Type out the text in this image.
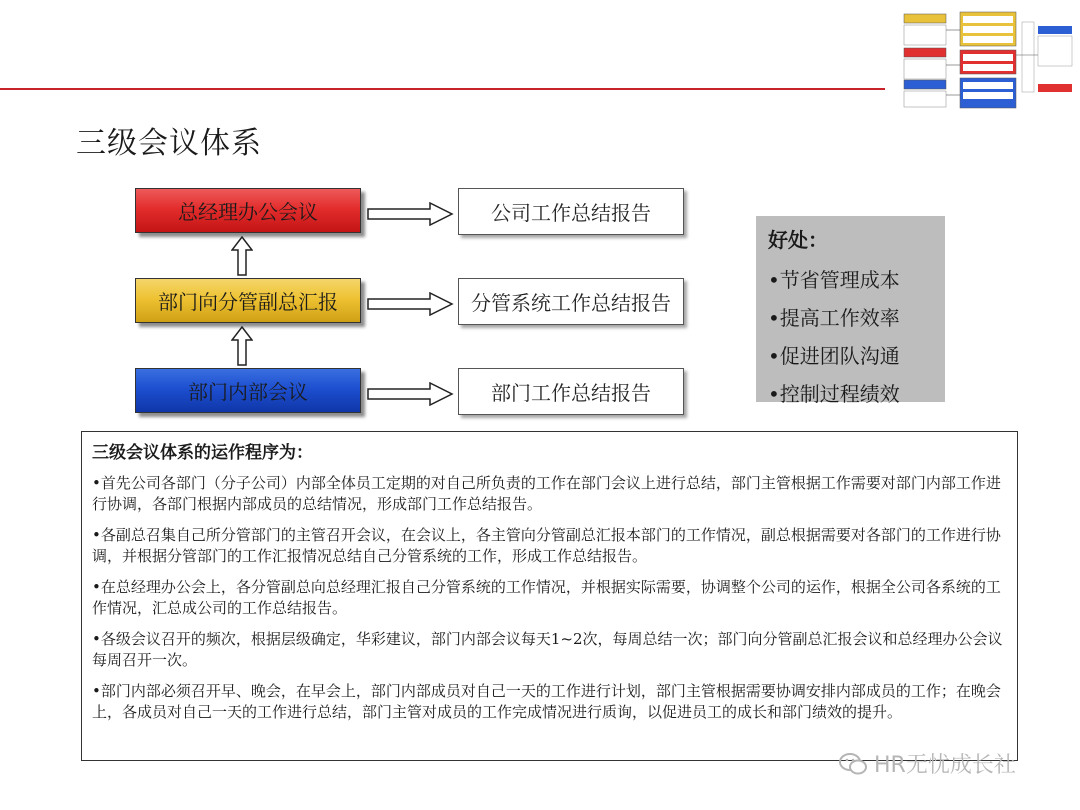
三级会议体系
总经理办公会议
部门向分管副总汇报
部门内部会议
公司工作总结报告
分管系统工作总结报告
部门工作总结报告
好处：
•节省管理成本
•提高工作效率
•促进团队沟通
•控制过程绩效
三级会议体系的运作程序为：
•首先公司各部门（分子公司）内部全体员工定期的对自己所负责的工作在部门会议上进行总结，部门主管根据工作需要对部门内部工作进行协调，各部门根据内部成员的总结情况，形成部门工作总结报告。
•各副总召集自己所分管部门的主管召开会议，在会议上，各主管向分管副总汇报本部门的工作情况，副总根据需要对各部门的工作进行协调，并根据分管部门的工作汇报情况总结自己分管系统的工作，形成工作总结报告。
•在总经理办公会上，各分管副总向总经理汇报自己分管系统的工作情况，并根据实际需要，协调整个公司的运作，根据全公司各系统的工作情况，汇总成公司的工作总结报告。
•各级会议召开的频次，根据层级确定，华彩建议，部门内部会议每天1~2次，每周总结一次；部门向分管副总汇报会议和总经理办公会议每周召开一次。
•部门内部必须召开早、晚会，在早会上，部门内部成员对自己一天的工作进行计划，部门主管根据需要协调安排内部成员的工作；在晚会上，各成员对自己一天的工作进行总结，部门主管对成员的工作完成情况进行质询，以促进员工的成长和部门绩效的提升。
HR无忧成长社
